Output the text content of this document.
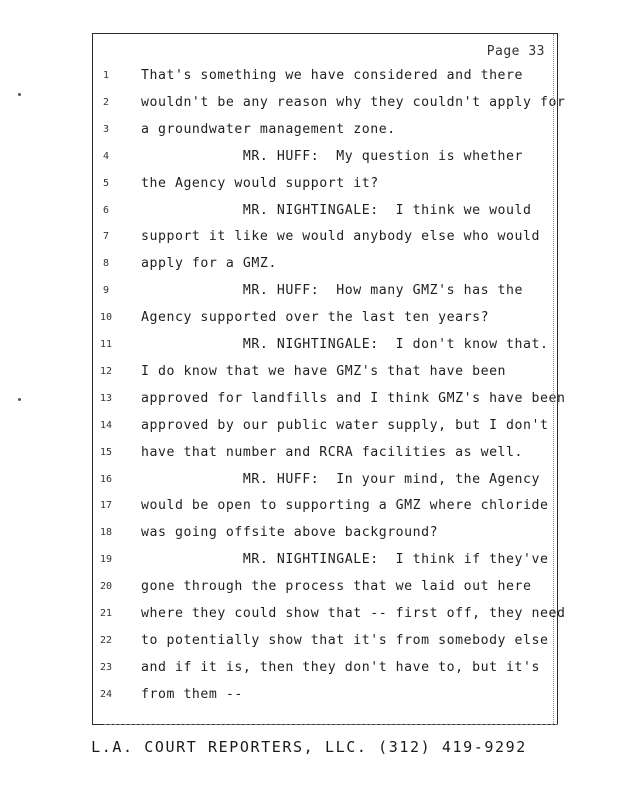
Page 33
1	That's something we have considered and there
2	wouldn't be any reason why they couldn't apply for
3	a groundwater management zone.
4	MR. HUFF:  My question is whether
5	the Agency would support it?
6	MR. NIGHTINGALE:  I think we would
7	support it like we would anybody else who would
8	apply for a GMZ.
9	MR. HUFF:  How many GMZ's has the
10	Agency supported over the last ten years?
11	MR. NIGHTINGALE:  I don't know that.
12	I do know that we have GMZ's that have been
13	approved for landfills and I think GMZ's have been
14	approved by our public water supply, but I don't
15	have that number and RCRA facilities as well.
16	MR. HUFF:  In your mind, the Agency
17	would be open to supporting a GMZ where chloride
18	was going offsite above background?
19	MR. NIGHTINGALE:  I think if they've
20	gone through the process that we laid out here
21	where they could show that -- first off, they need
22	to potentially show that it's from somebody else
23	and if it is, then they don't have to, but it's
24	from them --
L.A. COURT REPORTERS, LLC. (312) 419-9292
